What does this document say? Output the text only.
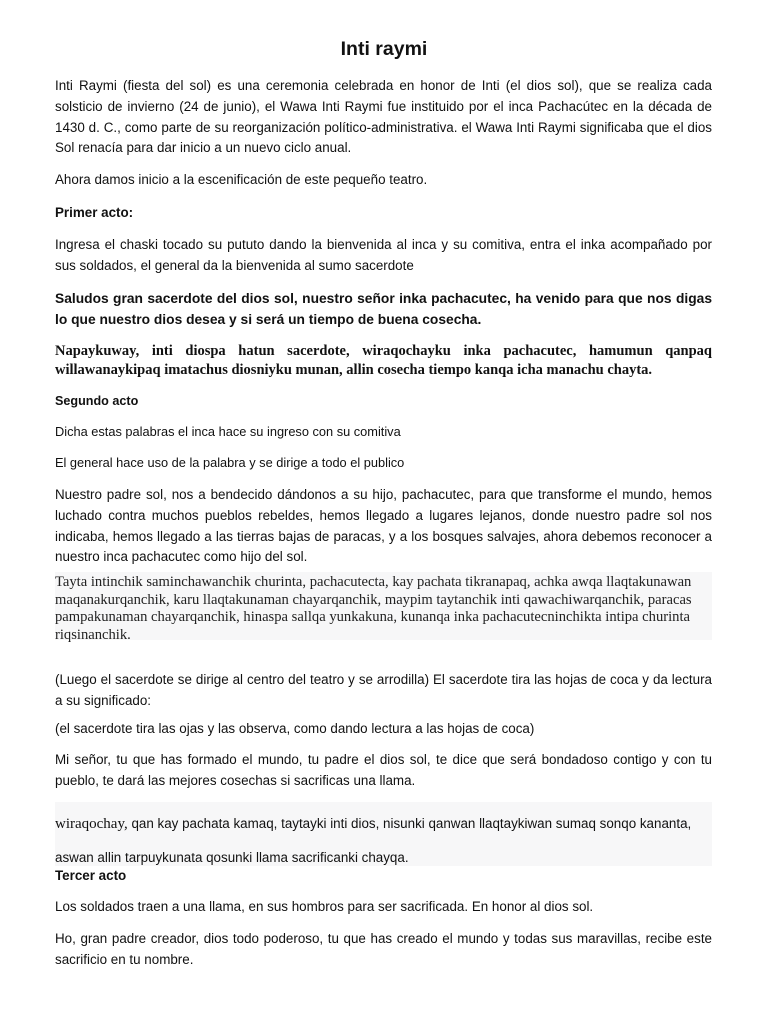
Inti raymi

Inti Raymi (fiesta del sol) es una ceremonia celebrada en honor de Inti (el dios sol), que se realiza cada solsticio de invierno (24 de junio), el Wawa Inti Raymi fue instituido por el inca Pachacútec en la década de 1430 d. C., como parte de su reorganización político-administrativa. el Wawa Inti Raymi significaba que el dios Sol renacía para dar inicio a un nuevo ciclo anual.

Ahora damos inicio a la escenificación de este pequeño teatro.

Primer acto:

Ingresa el chaski tocado su pututo dando la bienvenida al inca y su comitiva, entra el inka acompañado por sus soldados, el general da la bienvenida al sumo sacerdote

Saludos gran sacerdote del dios sol, nuestro señor inka pachacutec, ha venido para que nos digas lo que nuestro dios desea y si será un tiempo de buena cosecha.

Napaykuway, inti diospa hatun sacerdote, wiraqochayku inka pachacutec, hamumun qanpaq willawanaykipaq imatachus diosniyku munan, allin cosecha tiempo kanqa icha manachu chayta.

Segundo acto

Dicha estas palabras el inca hace su ingreso con su comitiva

El general hace uso de la palabra y se dirige a todo el publico

Nuestro padre sol, nos a bendecido dándonos a su hijo, pachacutec, para que transforme el mundo, hemos luchado contra muchos pueblos rebeldes, hemos llegado a lugares lejanos, donde nuestro padre sol nos indicaba, hemos llegado a las tierras bajas de paracas, y a los bosques salvajes, ahora debemos reconocer a nuestro inca pachacutec como hijo del sol.

Tayta intinchik saminchawanchik churinta, pachacutecta, kay pachata tikranapaq, achka awqa llaqtakunawan maqanakurqanchik, karu llaqtakunaman chayarqanchik, maypim taytanchik inti qawachiwarqanchik, paracas pampakunaman chayarqanchik, hinaspa sallqa yunkakuna, kunanqa inka pachacutecninchikta intipa churinta riqsinanchik.

(Luego el sacerdote se dirige al centro del teatro y se arrodilla) El sacerdote tira las hojas de coca y da lectura a su significado:

(el sacerdote tira las ojas y las observa, como dando lectura a las hojas de coca)

Mi señor, tu que has formado el mundo, tu padre el dios sol, te dice que será bondadoso contigo y con tu pueblo, te dará las mejores cosechas si sacrificas una llama.

wiraqochay, qan kay pachata kamaq, taytayki inti dios, nisunki qanwan llaqtaykiwan sumaq sonqo kananta,

aswan allin tarpuykunata qosunki llama sacrificanki chayqa.

Tercer acto

Los soldados traen a una llama, en sus hombros para ser sacrificada. En honor al dios sol.

Ho, gran padre creador, dios todo poderoso, tu que has creado el mundo y todas sus maravillas, recibe este sacrificio en tu nombre.
